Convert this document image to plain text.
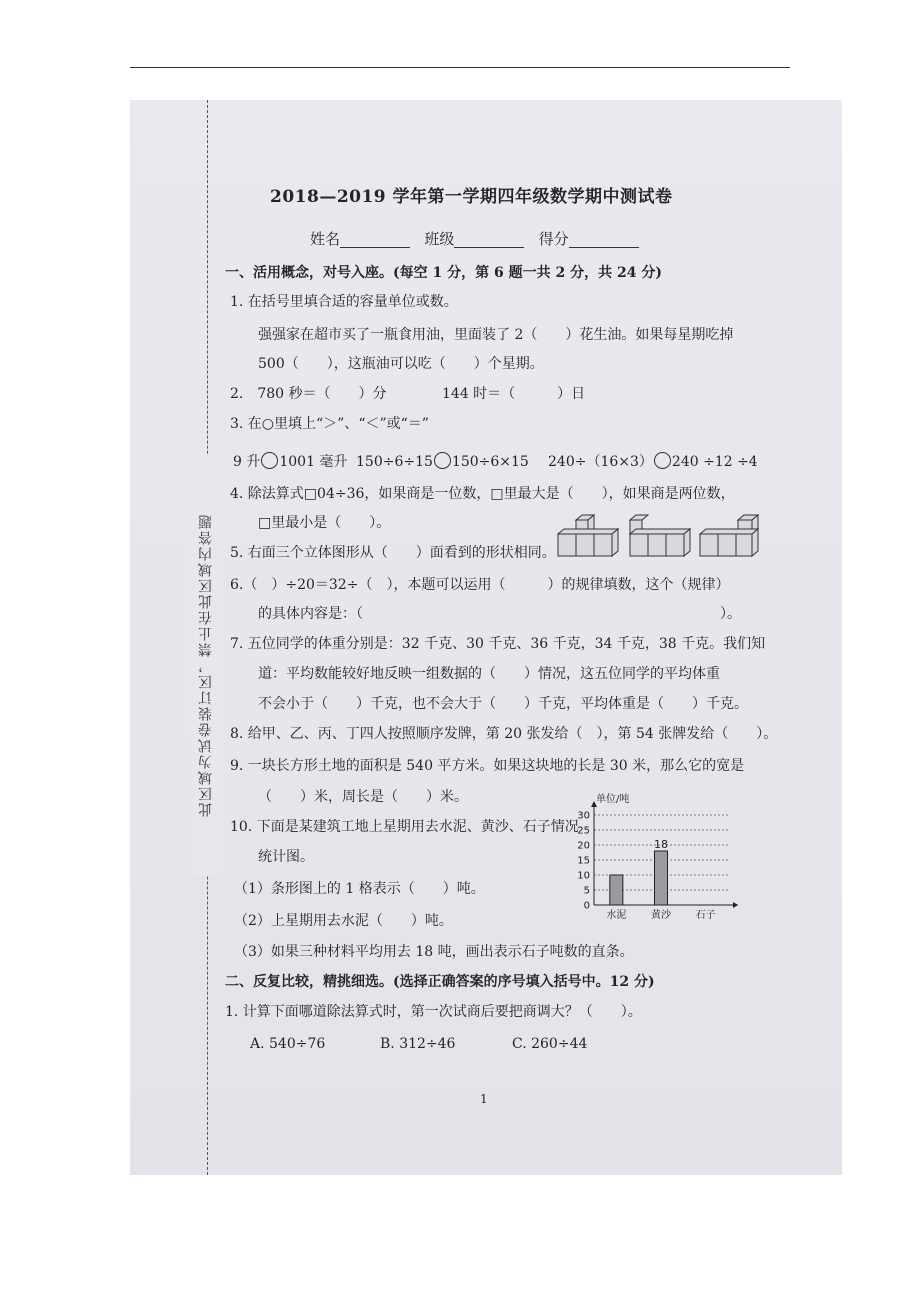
此区域为试卷装订区，禁止在此区域内答题
2018—2019 学年第一学期四年级数学期中测试卷
姓名	班级	得分
一、活用概念，对号入座。(每空 1 分，第 6 题一共 2 分，共 24 分)
1. 在括号里填合适的容量单位或数。
强强家在超市买了一瓶食用油，里面装了 2（　　）花生油。如果每星期吃掉
500（　　），这瓶油可以吃（　　）个星期。
2.　780 秒＝（　　）分	144 时＝（　　　）日
3. 在○里填上“＞”、“＜”或“＝”
9 升 1001 毫升 150÷6÷15 150÷6×15 240÷（16×3） 240 ÷12 ÷4
4. 除法算式□04÷36，如果商是一位数，□里最大是（　　），如果商是两位数，
□里最小是（　　）。
5. 右面三个立体图形从（　　）面看到的形状相同。
6.（　）÷20＝32÷（　），本题可以运用（　　　）的规律填数，这个（规律）
的具体内容是：（	）。
7. 五位同学的体重分别是：32 千克、30 千克、36 千克，34 千克，38 千克。我们知
道：平均数能较好地反映一组数据的（　　）情况，这五位同学的平均体重
不会小于（　　）千克，也不会大于（　　）千克，平均体重是（　　）千克。
8. 给甲、乙、丙、丁四人按照顺序发牌，第 20 张发给（　），第 54 张牌发给（　　）。
9. 一块长方形土地的面积是 540 平方米。如果这块地的长是 30 米，那么它的宽是
（　　）米，周长是（　　）米。
10. 下面是某建筑工地上星期用去水泥、黄沙、石子情况
统计图。
（1）条形图上的 1 格表示（　　）吨。
（2）上星期用去水泥（　　）吨。
（3）如果三种材料平均用去 18 吨，画出表示石子吨数的直条。
单位/吨
18
0
5
10
15
20
25
30
水泥 黄沙 石子
二、反复比较，精挑细选。(选择正确答案的序号填入括号中。12 分)
1. 计算下面哪道除法算式时，第一次试商后要把商调大？（　　）。
A. 540÷76	B. 312÷46	C. 260÷44
1
